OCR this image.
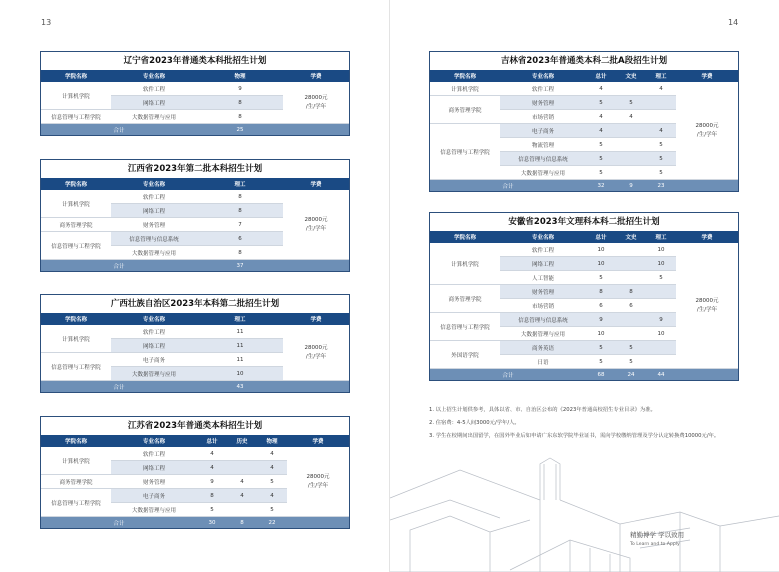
13	14
辽宁省2023年普通类本科批招生计划
学院名称	专业名称	物理	学费
计算机学院	软件工程	9	28000元
/生/学年
	网络工程	8	
信息管理与工程学院	大数据管理与应用	8	
合计		25	
江西省2023年第二批本科招生计划
学院名称	专业名称	理工	学费
计算机学院	软件工程	8	28000元
/生/学年
	网络工程	8	
商务管理学院	财务管理	7	
信息管理与工程学院	信息管理与信息系统	6	
	大数据管理与应用	8	
合计		37	
广西壮族自治区2023年本科第二批招生计划
学院名称	专业名称	理工	学费
计算机学院	软件工程	11	28000元
/生/学年
	网络工程	11	
信息管理与工程学院	电子商务	11	
	大数据管理与应用	10	
合计		43	
江苏省2023年普通类本科招生计划
学院名称	专业名称	总计	历史	物理	学费
计算机学院	软件工程	4		4	28000元
/生/学年
	网络工程	4		4	
商务管理学院	财务管理	9	4	5	
信息管理与工程学院	电子商务	8	4	4	
	大数据管理与应用	5		5	
合计		30	8	22	
吉林省2023年普通类本科二批A段招生计划
学院名称	专业名称	总计	文史	理工	学费
计算机学院	软件工程	4		4	28000元
/生/学年
商务管理学院	财务管理	5	5		
	市场营销	4	4		
信息管理与工程学院	电子商务	4		4	
	物流管理	5		5	
	信息管理与信息系统	5		5	
	大数据管理与应用	5		5	
合计		32	9	23	
安徽省2023年文理科本科二批招生计划
学院名称	专业名称	总计	文史	理工	学费
计算机学院	软件工程	10		10	28000元
/生/学年
	网络工程	10		10	
	人工智能	5		5	
商务管理学院	财务管理	8	8		
	市场营销	6	6		
信息管理与工程学院	信息管理与信息系统	9		9	
	大数据管理与应用	10		10	
外国语学院	商务英语	5	5		
	日语	5	5		
合计		68	24	44	
1. 以上招生计划供参考，具体以省、市、自治区公布的《2023年普通高校招生专业目录》为准。
2. 住宿费：4-5人间3000元/学年/人。
3. 学生在校期间出国留学，在国外毕业后如申请广东东软学院毕业证书，需向学校缴纳管理及学分认定转换费10000元/年。
精勤博学 学以致用
To Learn and to Apply
